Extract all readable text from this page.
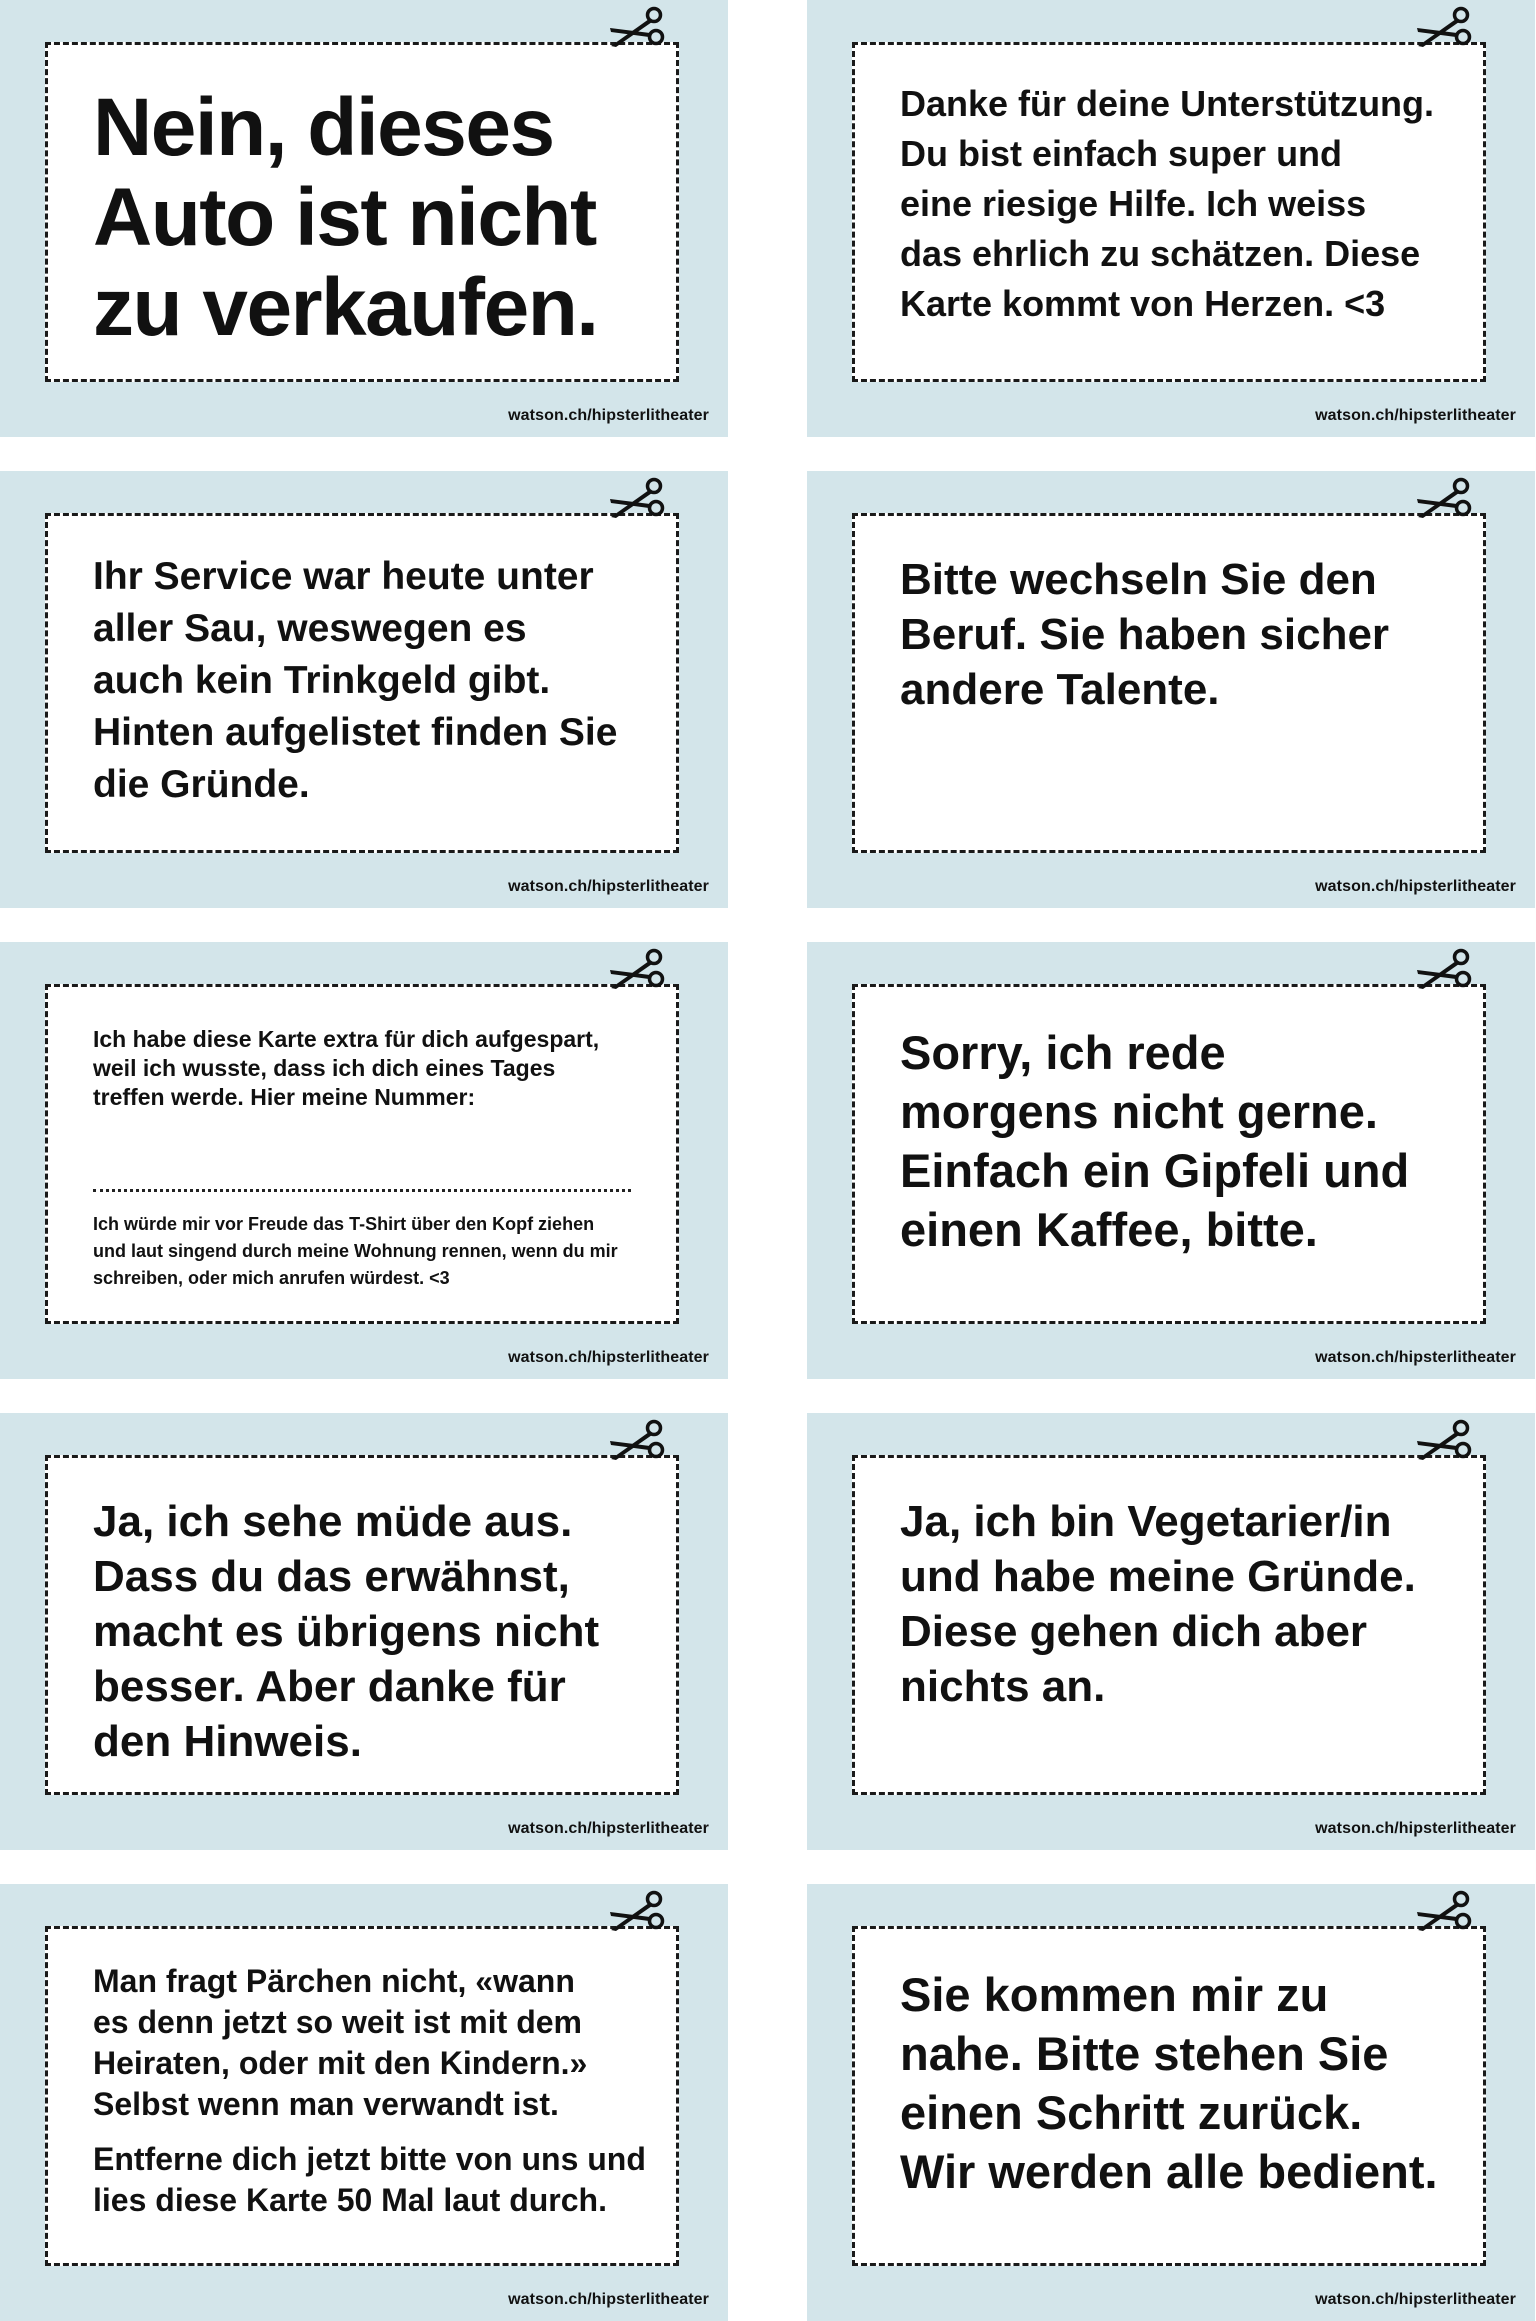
Nein, dieses
Auto ist nicht
zu verkaufen.

watson.ch/hipsterlitheater

Danke für deine Unterstützung.
Du bist einfach super und
eine riesige Hilfe. Ich weiss
das ehrlich zu schätzen. Diese
Karte kommt von Herzen. <3

watson.ch/hipsterlitheater

Ihr Service war heute unter
aller Sau, weswegen es
auch kein Trinkgeld gibt.
Hinten aufgelistet finden Sie
die Gründe.

watson.ch/hipsterlitheater

Bitte wechseln Sie den
Beruf. Sie haben sicher
andere Talente.

watson.ch/hipsterlitheater

Ich habe diese Karte extra für dich aufgespart,
weil ich wusste, dass ich dich eines Tages
treffen werde. Hier meine Nummer:

Ich würde mir vor Freude das T-Shirt über den Kopf ziehen
und laut singend durch meine Wohnung rennen, wenn du mir
schreiben, oder mich anrufen würdest. <3

watson.ch/hipsterlitheater

Sorry, ich rede
morgens nicht gerne.
Einfach ein Gipfeli und
einen Kaffee, bitte.

watson.ch/hipsterlitheater

Ja, ich sehe müde aus.
Dass du das erwähnst,
macht es übrigens nicht
besser. Aber danke für
den Hinweis.

watson.ch/hipsterlitheater

Ja, ich bin Vegetarier/in
und habe meine Gründe.
Diese gehen dich aber
nichts an.

watson.ch/hipsterlitheater

Man fragt Pärchen nicht, «wann
es denn jetzt so weit ist mit dem
Heiraten, oder mit den Kindern.»
Selbst wenn man verwandt ist.

Entferne dich jetzt bitte von uns und
lies diese Karte 50 Mal laut durch.

watson.ch/hipsterlitheater

Sie kommen mir zu
nahe. Bitte stehen Sie
einen Schritt zurück.
Wir werden alle bedient.

watson.ch/hipsterlitheater
